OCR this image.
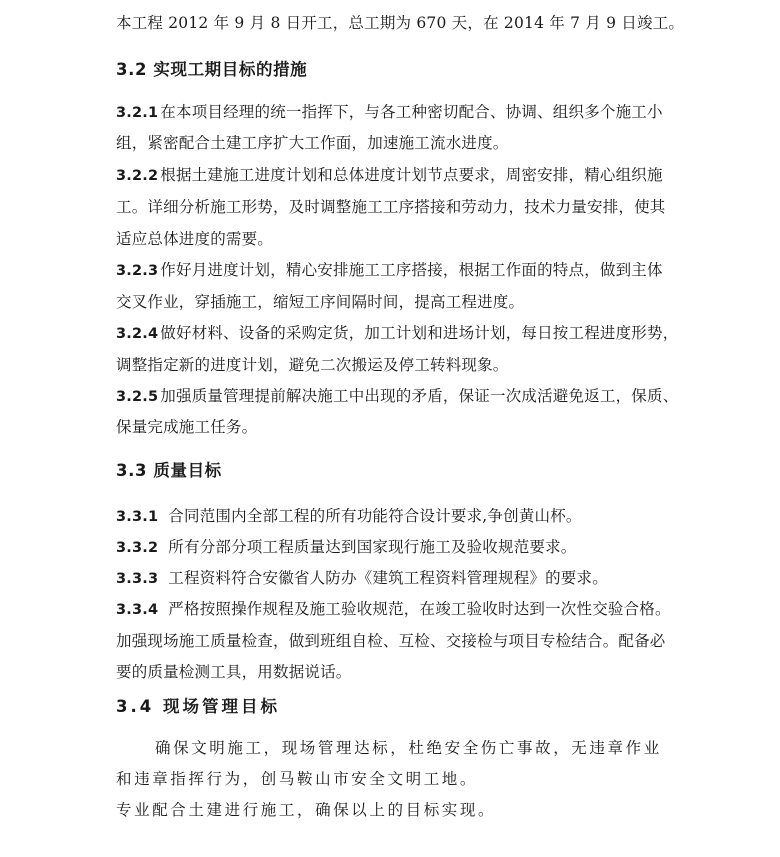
本工程 2012 年 9 月 8 日开工，总工期为 670 天，在 2014 年 7 月 9 日竣工。
3.2 实现工期目标的措施
3.2.1 在本项目经理的统一指挥下，与各工种密切配合、协调、组织多个施工小
组，紧密配合土建工序扩大工作面，加速施工流水进度。
3.2.2 根据土建施工进度计划和总体进度计划节点要求，周密安排，精心组织施
工。详细分析施工形势，及时调整施工工序搭接和劳动力，技术力量安排，使其
适应总体进度的需要。
3.2.3 作好月进度计划，精心安排施工工序搭接，根据工作面的特点，做到主体
交叉作业，穿插施工，缩短工序间隔时间，提高工程进度。
3.2.4 做好材料、设备的采购定货，加工计划和进场计划，每日按工程进度形势，
调整指定新的进度计划，避免二次搬运及停工转料现象。
3.2.5 加强质量管理提前解决施工中出现的矛盾，保证一次成活避免返工，保质、
保量完成施工任务。
3.3 质量目标
3.3.1 合同范围内全部工程的所有功能符合设计要求,争创黄山杯。
3.3.2 所有分部分项工程质量达到国家现行施工及验收规范要求。
3.3.3 工程资料符合安徽省人防办《建筑工程资料管理规程》的要求。
3.3.4 严格按照操作规程及施工验收规范，在竣工验收时达到一次性交验合格。
加强现场施工质量检查，做到班组自检、互检、交接检与项目专检结合。配备必
要的质量检测工具，用数据说话。
3.4 现场管理目标
确保文明施工，现场管理达标，杜绝安全伤亡事故，无违章作业
和违章指挥行为，创马鞍山市安全文明工地。
专业配合土建进行施工，确保以上的目标实现。
